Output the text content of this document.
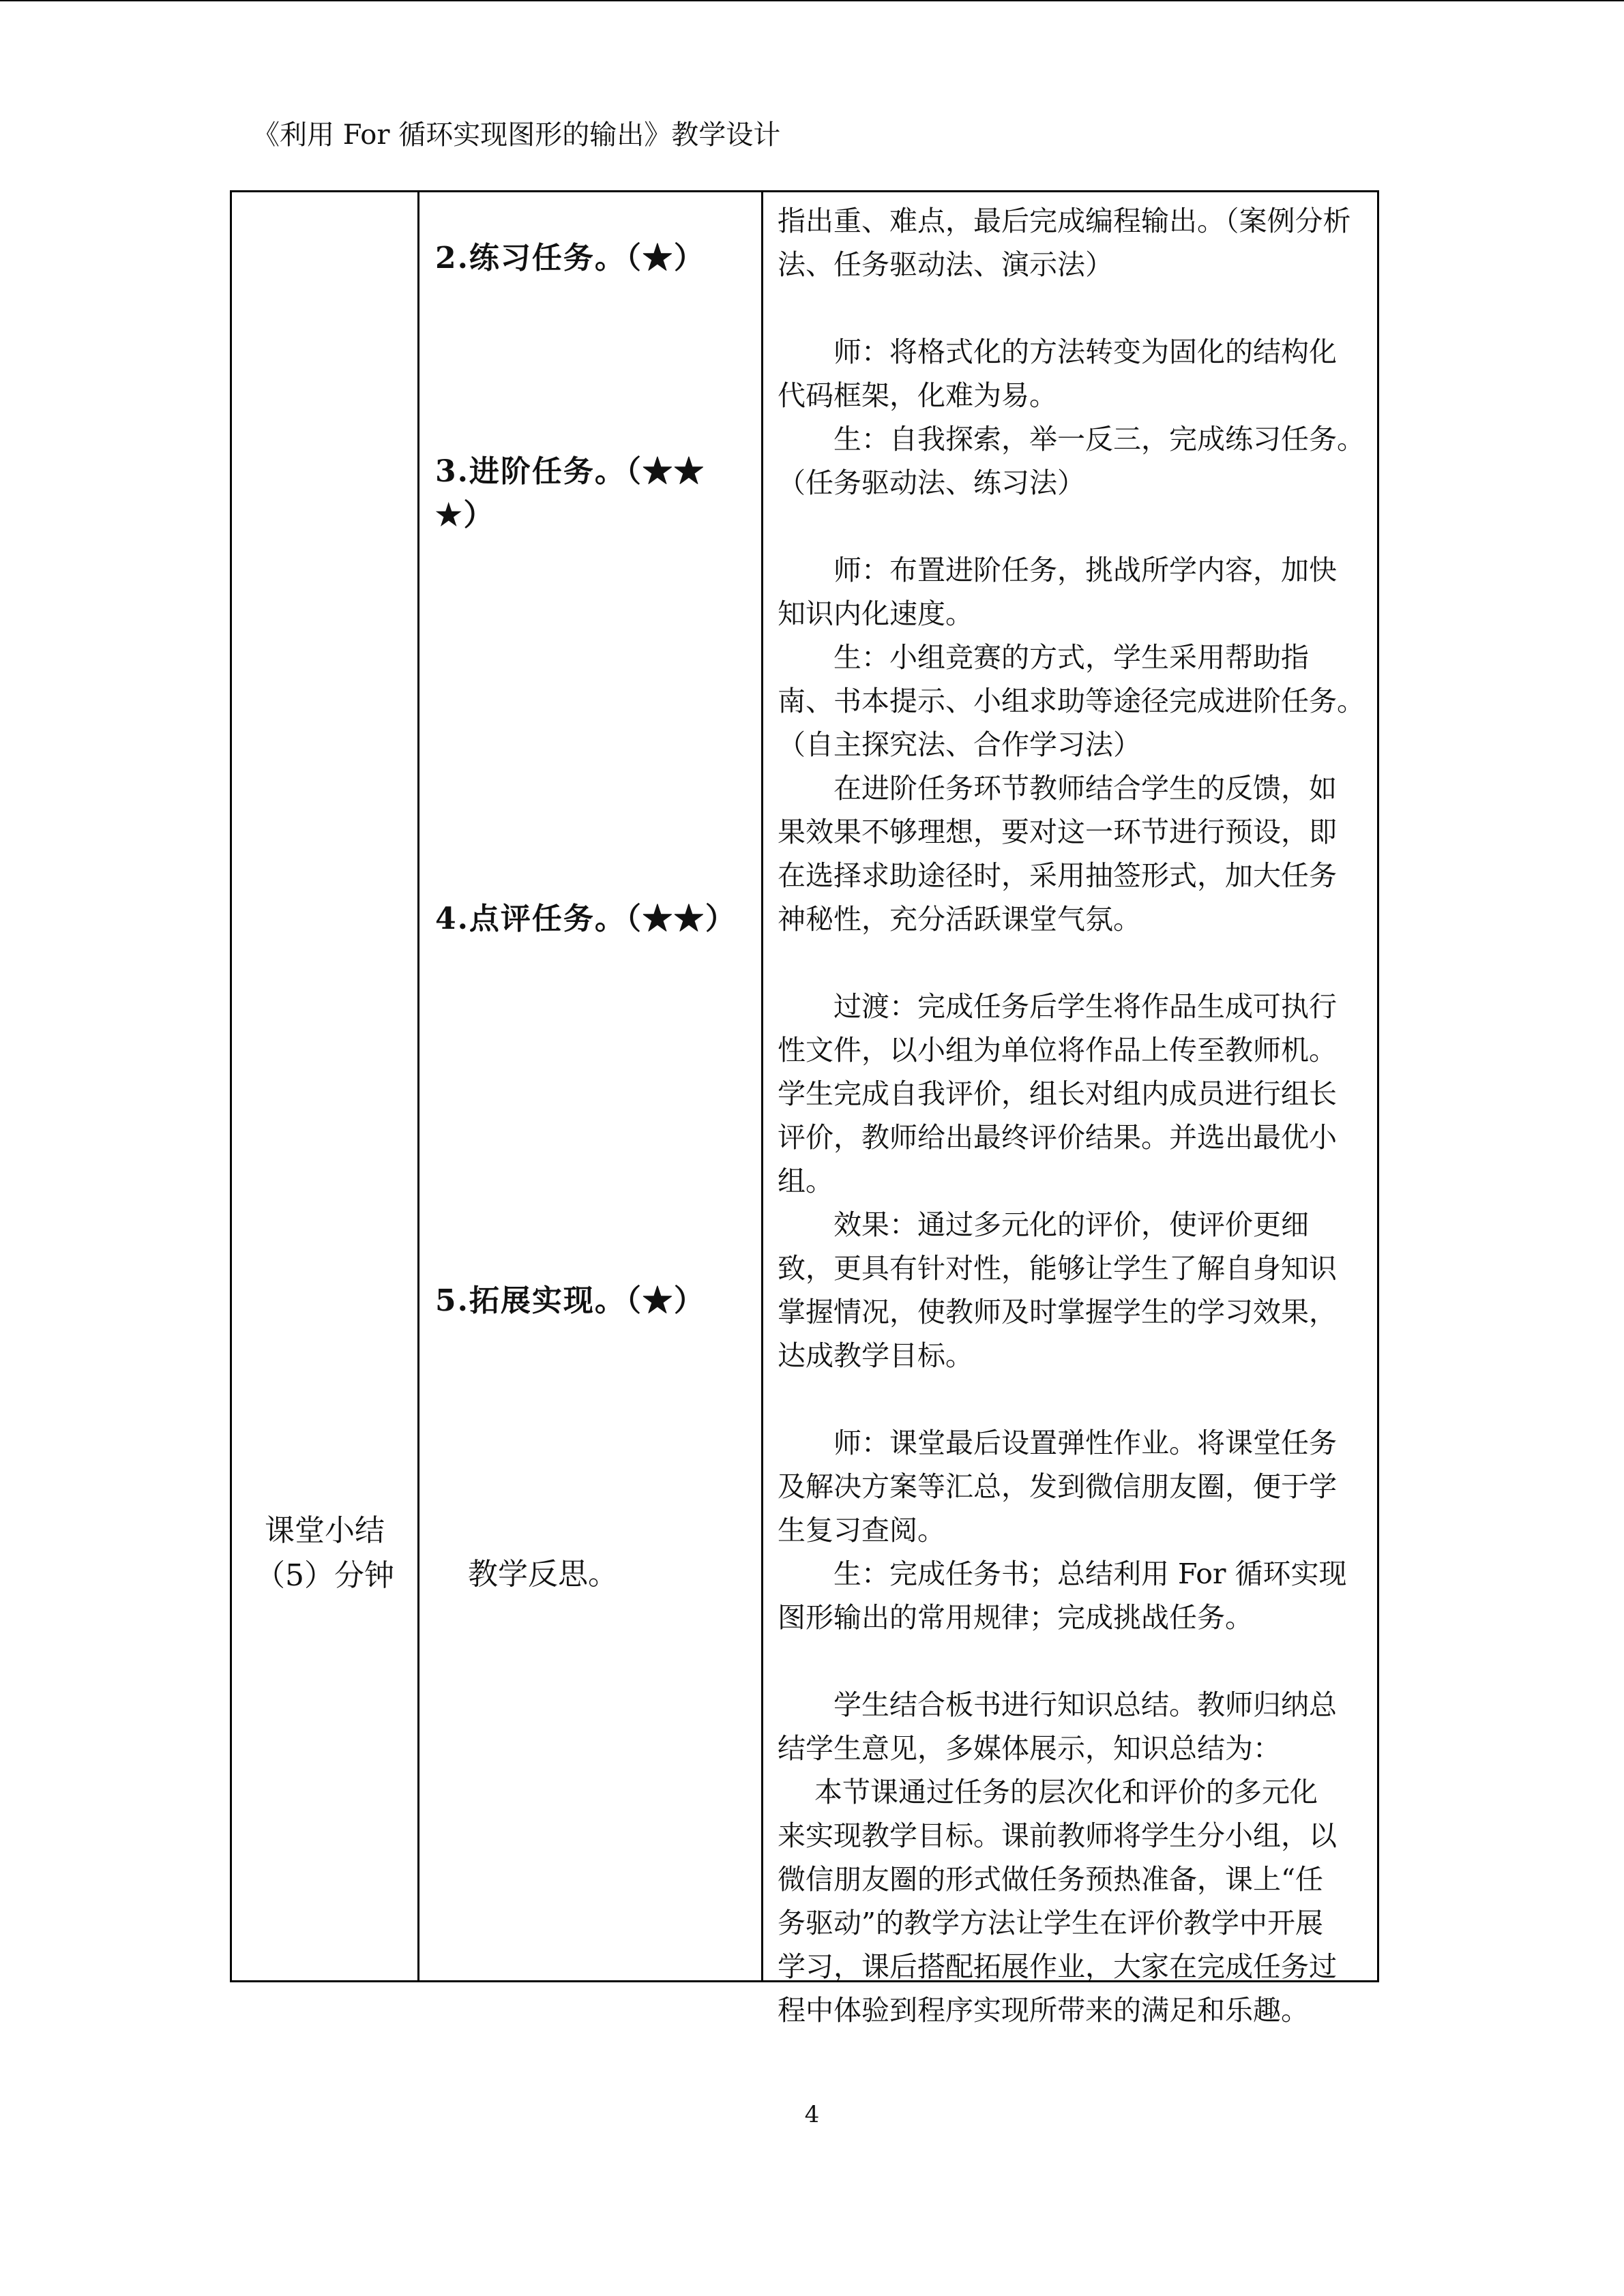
《利用 For 循环实现图形的输出》教学设计
课堂小结
（5）分钟
2.练习任务。（★）
3.进阶任务。（★★
★）
4.点评任务。（★★）
5.拓展实现。（★）
教学反思。

指出重、难点，最后完成编程输出。（案例分析
法、任务驱动法、演示法）

　　师：将格式化的方法转变为固化的结构化
代码框架，化难为易。

　　生：自我探索，举一反三，完成练习任务。
（任务驱动法、练习法）

　　师：布置进阶任务，挑战所学内容，加快
知识内化速度。

　　生：小组竞赛的方式，学生采用帮助指
南、书本提示、小组求助等途径完成进阶任务。
（自主探究法、合作学习法）

　　在进阶任务环节教师结合学生的反馈，如
果效果不够理想，要对这一环节进行预设，即
在选择求助途径时，采用抽签形式，加大任务
神秘性，充分活跃课堂气氛。

　　过渡：完成任务后学生将作品生成可执行
性文件，以小组为单位将作品上传至教师机。
学生完成自我评价，组长对组内成员进行组长
评价，教师给出最终评价结果。并选出最优小
组。

　　效果：通过多元化的评价，使评价更细
致，更具有针对性，能够让学生了解自身知识
掌握情况，使教师及时掌握学生的学习效果，
达成教学目标。

　　师：课堂最后设置弹性作业。将课堂任务
及解决方案等汇总，发到微信朋友圈，便于学
生复习查阅。

　　生：完成任务书；总结利用 For 循环实现
图形输出的常用规律；完成挑战任务。

　　学生结合板书进行知识总结。教师归纳总
结学生意见，多媒体展示，知识总结为：

　 本节课通过任务的层次化和评价的多元化
来实现教学目标。课前教师将学生分小组，以
微信朋友圈的形式做任务预热准备，课上“任
务驱动”的教学方法让学生在评价教学中开展
学习，课后搭配拓展作业，大家在完成任务过
程中体验到程序实现所带来的满足和乐趣。

4
